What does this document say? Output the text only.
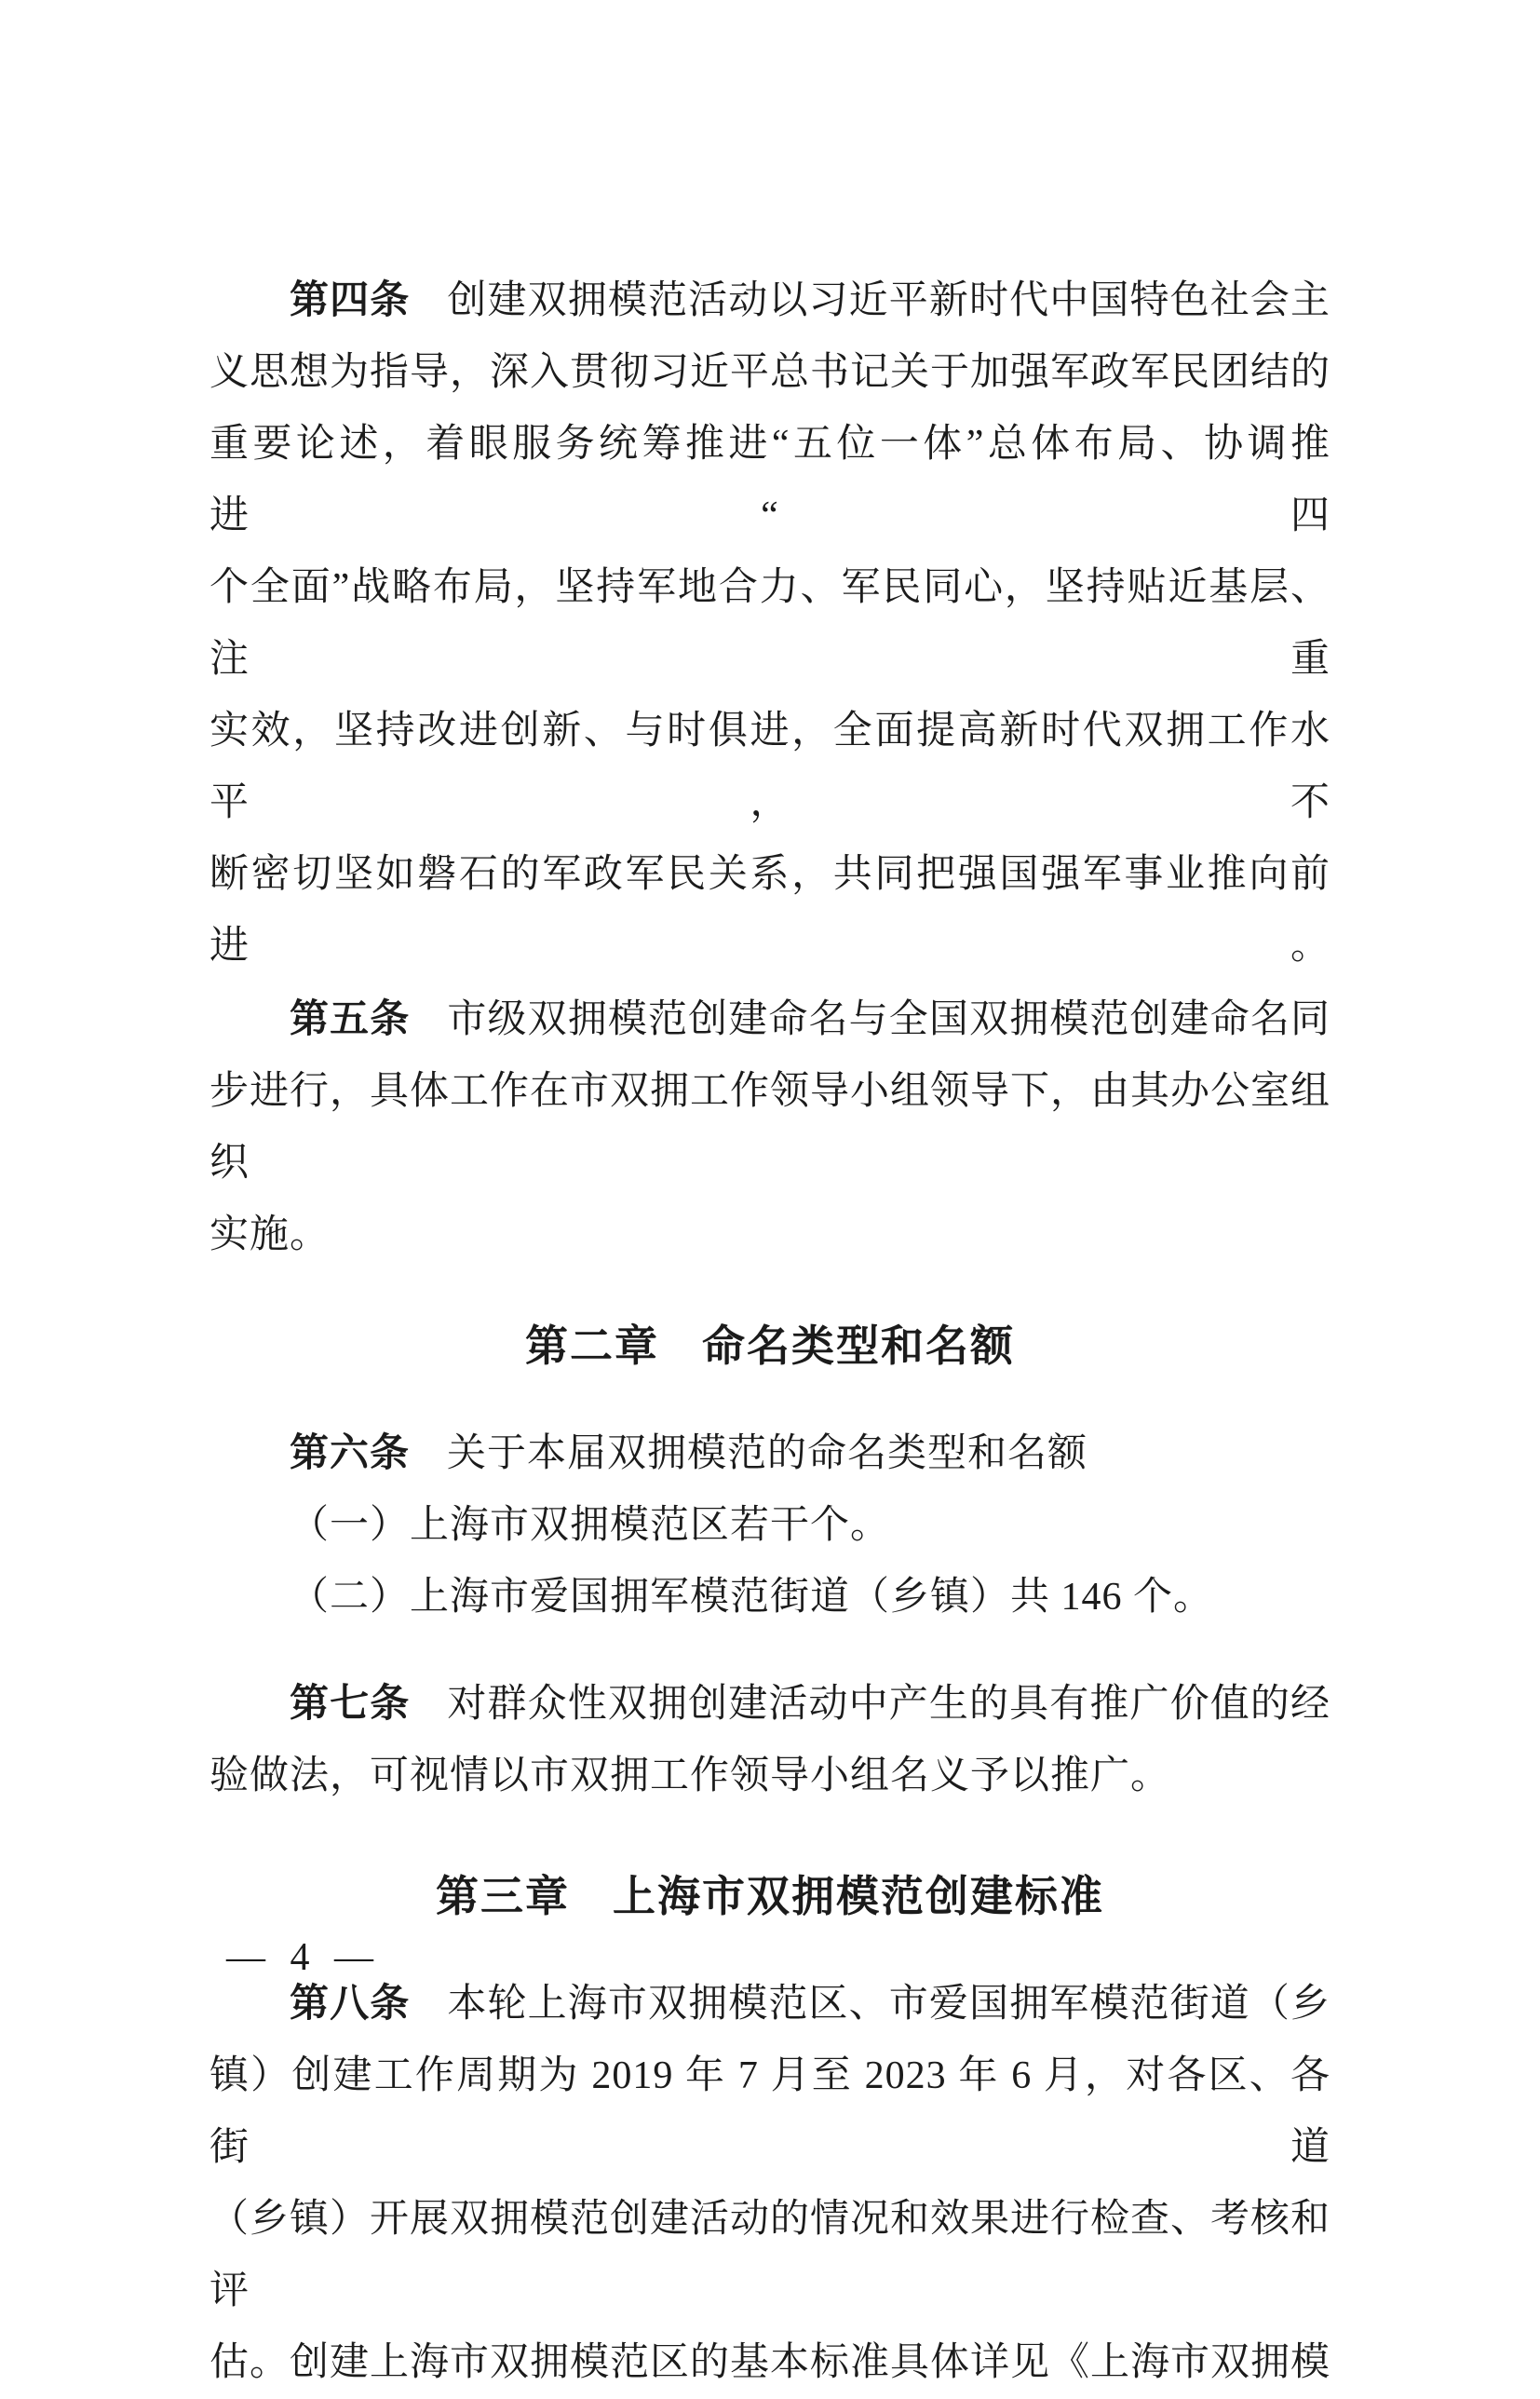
第四条 创建双拥模范活动以习近平新时代中国特色社会主
义思想为指导，深入贯彻习近平总书记关于加强军政军民团结的
重要论述，着眼服务统筹推进“五位一体”总体布局、协调推进“四
个全面”战略布局，坚持军地合力、军民同心，坚持贴近基层、注重
实效，坚持改进创新、与时俱进，全面提高新时代双拥工作水平，不
断密切坚如磐石的军政军民关系，共同把强国强军事业推向前进。
第五条 市级双拥模范创建命名与全国双拥模范创建命名同
步进行，具体工作在市双拥工作领导小组领导下，由其办公室组织
实施。
第二章 命名类型和名额
第六条 关于本届双拥模范的命名类型和名额
（一）上海市双拥模范区若干个。
（二）上海市爱国拥军模范街道（乡镇）共 146 个。
第七条 对群众性双拥创建活动中产生的具有推广价值的经
验做法，可视情以市双拥工作领导小组名义予以推广。
第三章 上海市双拥模范创建标准
第八条 本轮上海市双拥模范区、市爱国拥军模范街道（乡
镇）创建工作周期为 2019 年 7 月至 2023 年 6 月，对各区、各街道
（乡镇）开展双拥模范创建活动的情况和效果进行检查、考核和评
估。创建上海市双拥模范区的基本标准具体详见《上海市双拥模
— 4 —
